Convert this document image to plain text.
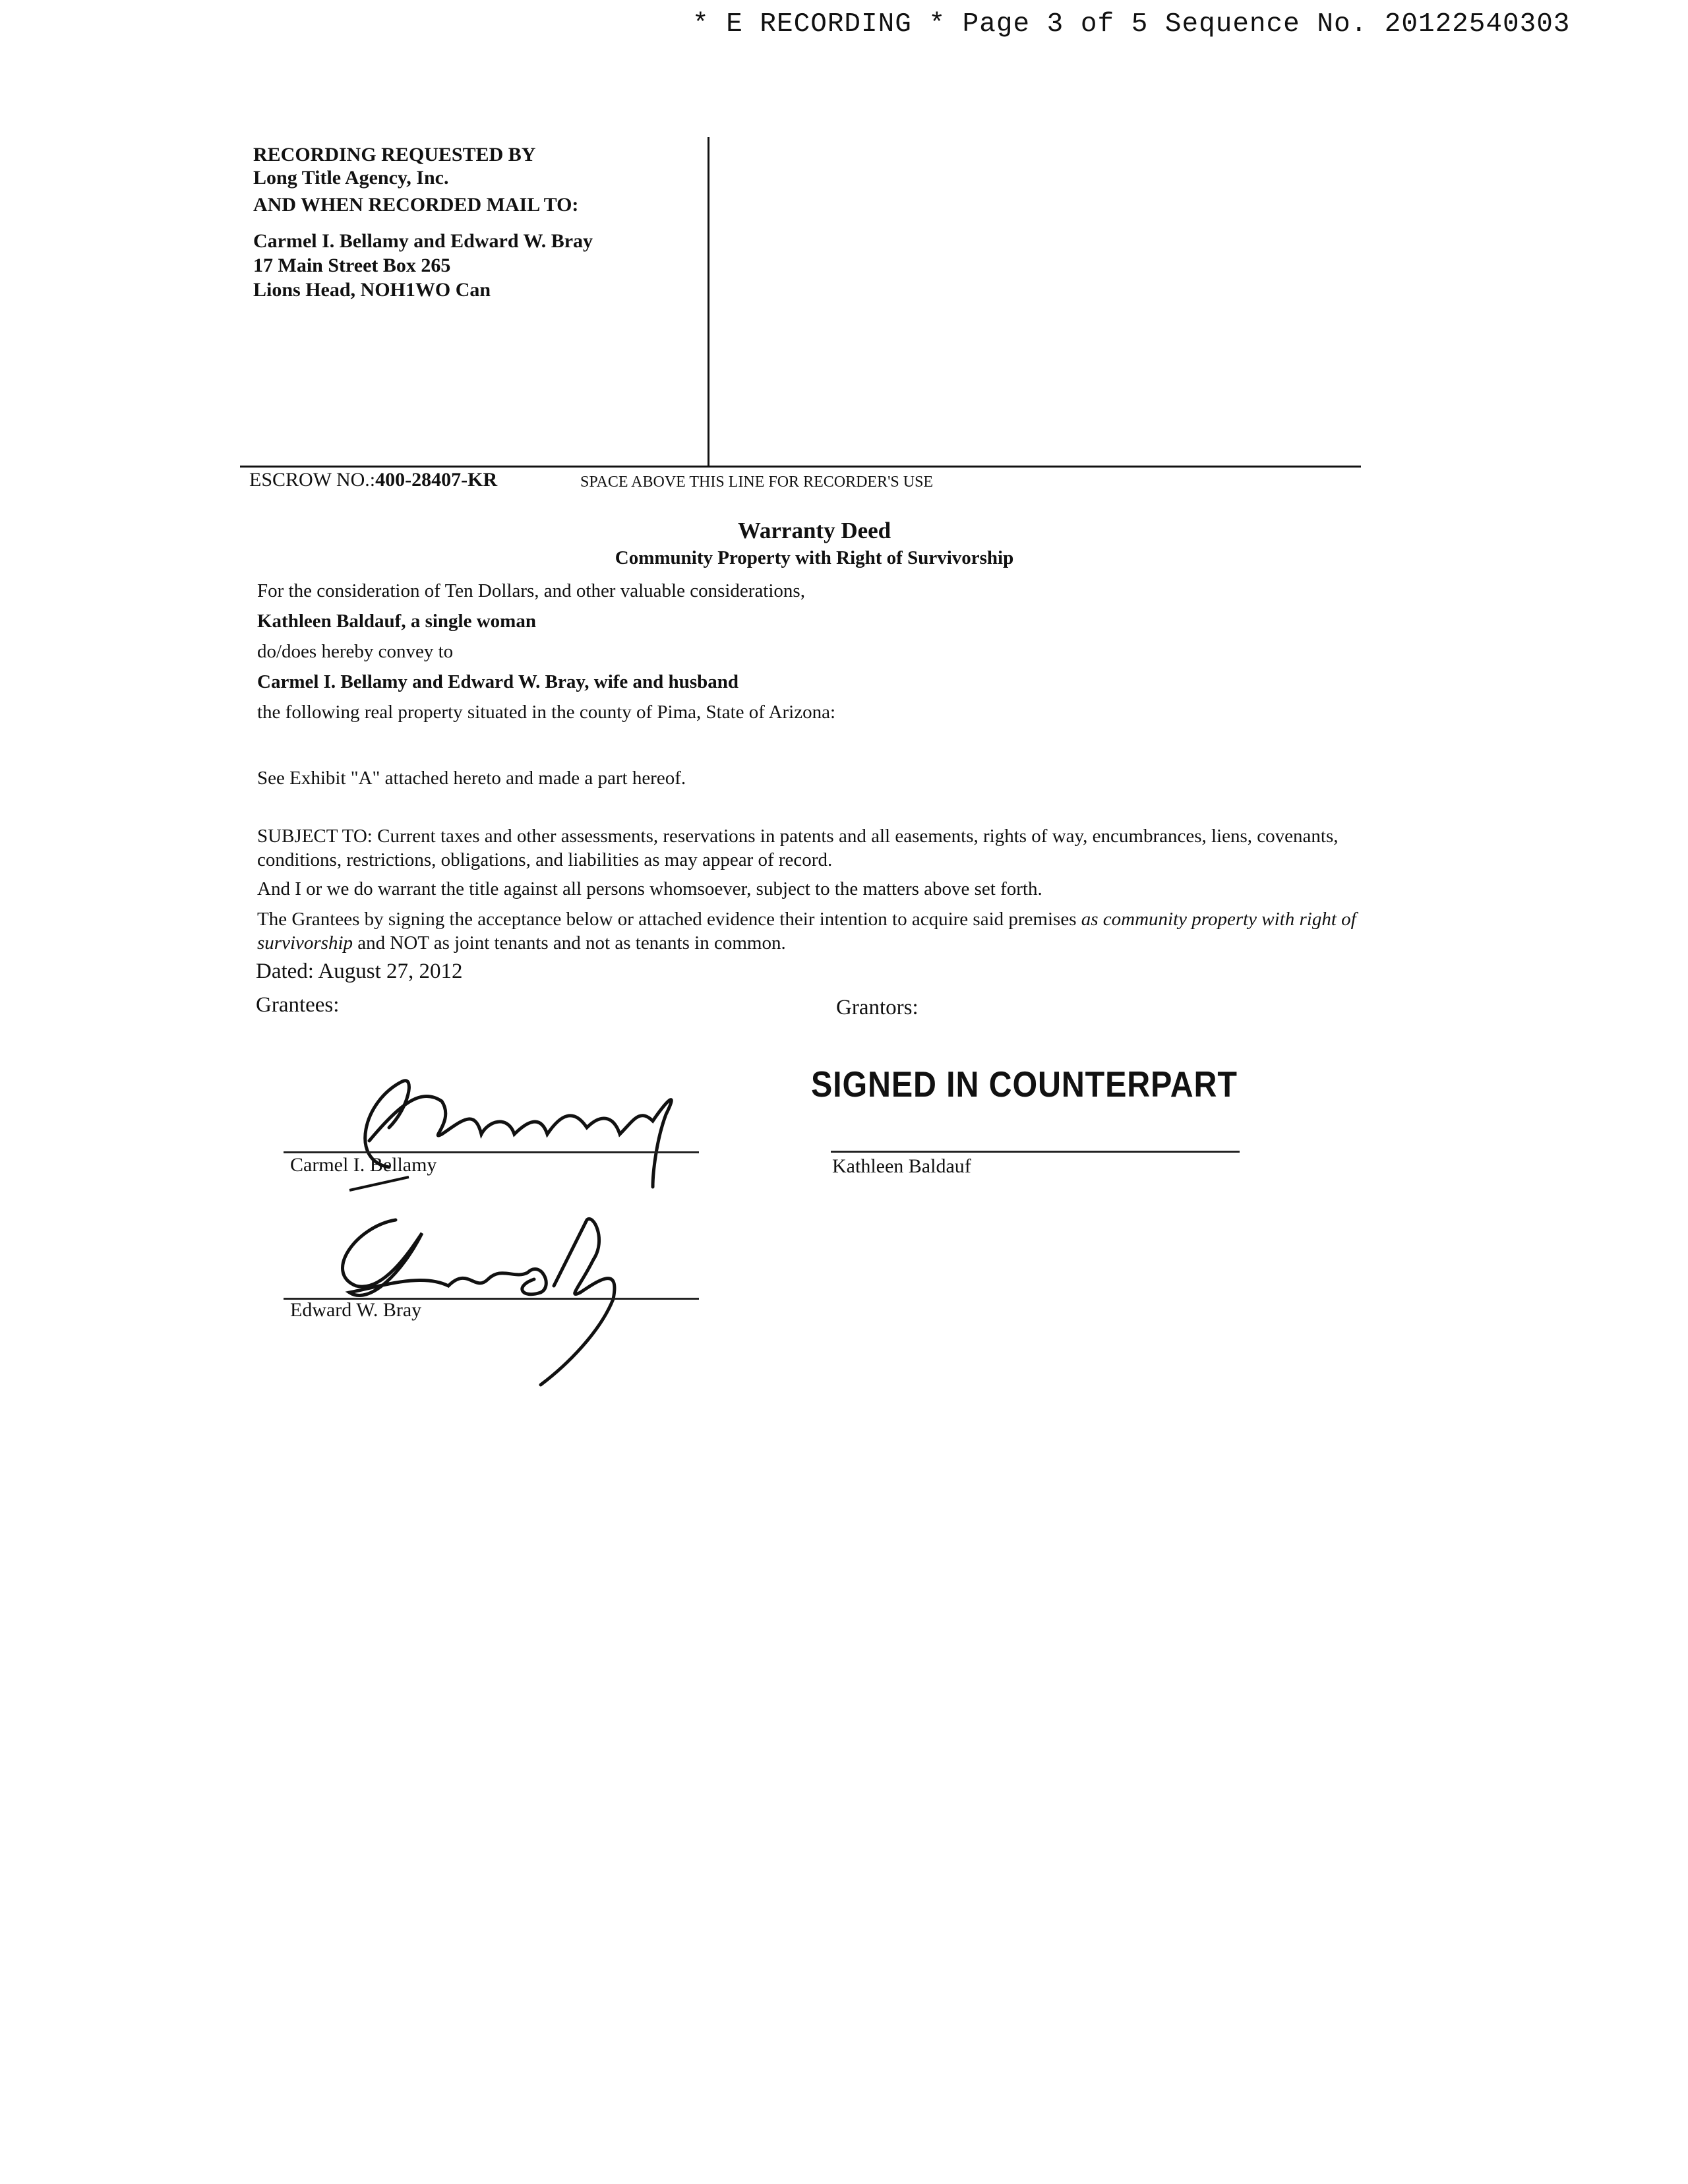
* E RECORDING * Page 3 of 5 Sequence No. 20122540303
RECORDING REQUESTED BY
Long Title Agency, Inc.
AND WHEN RECORDED MAIL TO:
Carmel I. Bellamy and Edward W. Bray
17 Main Street Box 265
Lions Head, NOH1WO Can
ESCROW NO.:400-28407-KR	SPACE ABOVE THIS LINE FOR RECORDER'S USE
Warranty Deed
Community Property with Right of Survivorship
For the consideration of Ten Dollars, and other valuable considerations,
Kathleen Baldauf, a single woman
do/does hereby convey to
Carmel I. Bellamy and Edward W. Bray, wife and husband
the following real property situated in the county of Pima, State of Arizona:
See Exhibit "A" attached hereto and made a part hereof.
SUBJECT TO: Current taxes and other assessments, reservations in patents and all easements, rights of way, encumbrances, liens, covenants, conditions, restrictions, obligations, and liabilities as may appear of record.
And I or we do warrant the title against all persons whomsoever, subject to the matters above set forth.
The Grantees by signing the acceptance below or attached evidence their intention to acquire said premises as community property with right of survivorship and NOT as joint tenants and not as tenants in common.
Dated: August 27, 2012
Grantees:	Grantors:
SIGNED IN COUNTERPART
Carmel I. Bellamy
Edward W. Bray
Kathleen Baldauf
